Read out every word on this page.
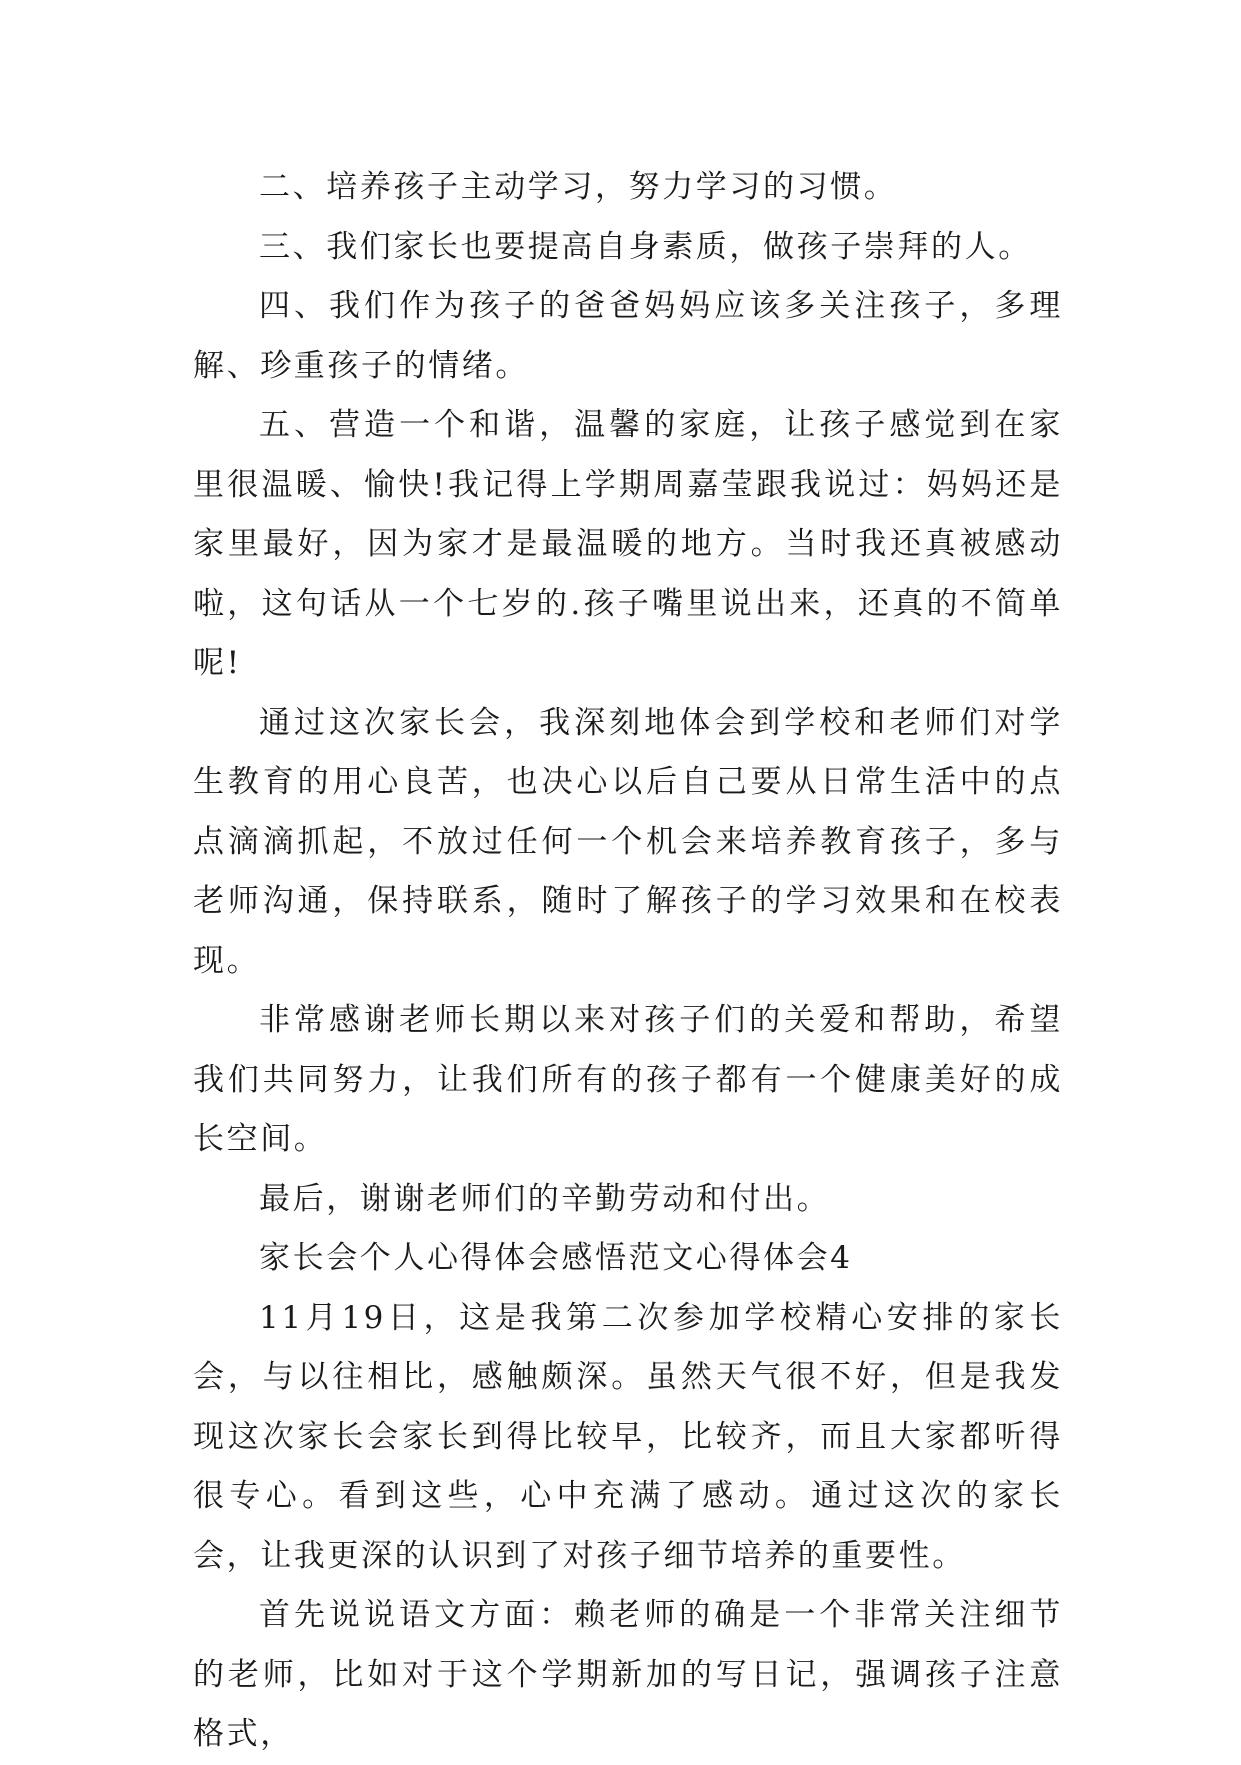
二、培养孩子主动学习，努力学习的习惯。

三、我们家长也要提高自身素质，做孩子崇拜的人。

四、我们作为孩子的爸爸妈妈应该多关注孩子，多理解、珍重孩子的情绪。

五、营造一个和谐，温馨的家庭，让孩子感觉到在家里很温暖、愉快!我记得上学期周嘉莹跟我说过：妈妈还是家里最好，因为家才是最温暖的地方。当时我还真被感动啦，这句话从一个七岁的.孩子嘴里说出来，还真的不简单呢!

通过这次家长会，我深刻地体会到学校和老师们对学生教育的用心良苦，也决心以后自己要从日常生活中的点点滴滴抓起，不放过任何一个机会来培养教育孩子，多与老师沟通，保持联系，随时了解孩子的学习效果和在校表现。

非常感谢老师长期以来对孩子们的关爱和帮助，希望我们共同努力，让我们所有的孩子都有一个健康美好的成长空间。

最后，谢谢老师们的辛勤劳动和付出。

家长会个人心得体会感悟范文心得体会4

11月19日，这是我第二次参加学校精心安排的家长会，与以往相比，感触颇深。虽然天气很不好，但是我发现这次家长会家长到得比较早，比较齐，而且大家都听得很专心。看到这些，心中充满了感动。通过这次的家长会，让我更深的认识到了对孩子细节培养的重要性。

首先说说语文方面：赖老师的确是一个非常关注细节的老师，比如对于这个学期新加的写日记，强调孩子注意格式，
